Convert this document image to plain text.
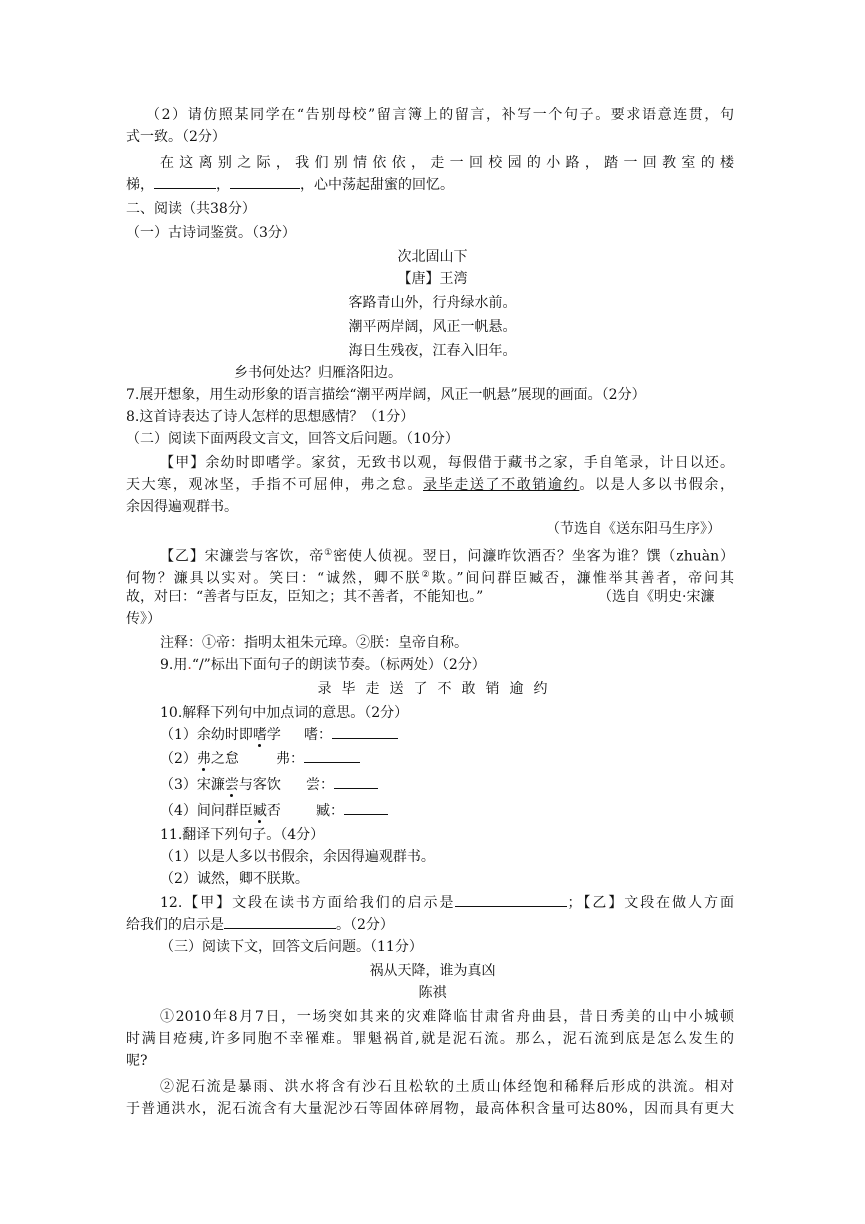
（2）请仿照某同学在“告别母校”留言簿上的留言，补写一个句子。要求语意连贯，句
式一致。（2分）
在这离别之际，我们别情依依，走一回校园的小路，踏一回教室的楼
梯，	，	，心中荡起甜蜜的回忆。
二、阅读（共38分）
（一）古诗词鉴赏。（3分）
次北固山下
【唐】王湾
客路青山外，行舟绿水前。
潮平两岸阔，风正一帆悬。
海日生残夜，江春入旧年。
乡书何处达？归雁洛阳边。
7.展开想象，用生动形象的语言描绘“潮平两岸阔，风正一帆悬”展现的画面。（2分）
8.这首诗表达了诗人怎样的思想感情？（1分）
（二）阅读下面两段文言文，回答文后问题。（10分）
【甲】余幼时即嗜学。家贫，无致书以观，每假借于藏书之家，手自笔录，计日以还。
天大寒，观冰坚，手指不可屈伸，弗之怠。录毕走送了不敢销逾约。以是人多以书假余，
余因得遍观群书。
（节选自《送东阳马生序》）
【乙】宋濂尝与客饮，帝①密使人侦视。翌日，问濂昨饮酒否？坐客为谁？馔（zhuàn）
何物？濂具以实对。笑曰：“诚然，卿不朕②欺。”间问群臣臧否，濂惟举其善者，帝问其
故，对曰：“善者与臣友，臣知之；其不善者，不能知也。”	（选自《明史·宋濂
传》）
注释：①帝：指明太祖朱元璋。②朕：皇帝自称。
9.用.“/”标出下面句子的朗读节奏。（标两处）（2分）
录毕走送了不敢销逾约
10.解释下列句中加点词的意思。（2分）
（1）余幼时即嗜学 嗜：
（2）弗之怠	弗：
（3）宋濂尝与客饮 尝：
（4）间问群臣臧否	臧：
11.翻译下列句子。（4分）
（1）以是人多以书假余，余因得遍观群书。
（2）诚然，卿不朕欺。
12.【甲】文段在读书方面给我们的启示是	；【乙】文段在做人方面
给我们的启示是	。（2分）
（三）阅读下文，回答文后问题。（11分）
祸从天降，谁为真凶
陈祺
①2010年8月7日，一场突如其来的灾难降临甘肃省舟曲县，昔日秀美的山中小城顿
时满目疮痍,许多同胞不幸罹难。罪魁祸首,就是泥石流。那么，泥石流到底是怎么发生的
呢?
②泥石流是暴雨、洪水将含有沙石且松软的土质山体经饱和稀释后形成的洪流。相对
于普通洪水，泥石流含有大量泥沙石等固体碎屑物，最高体积含量可达80%，因而具有更大
